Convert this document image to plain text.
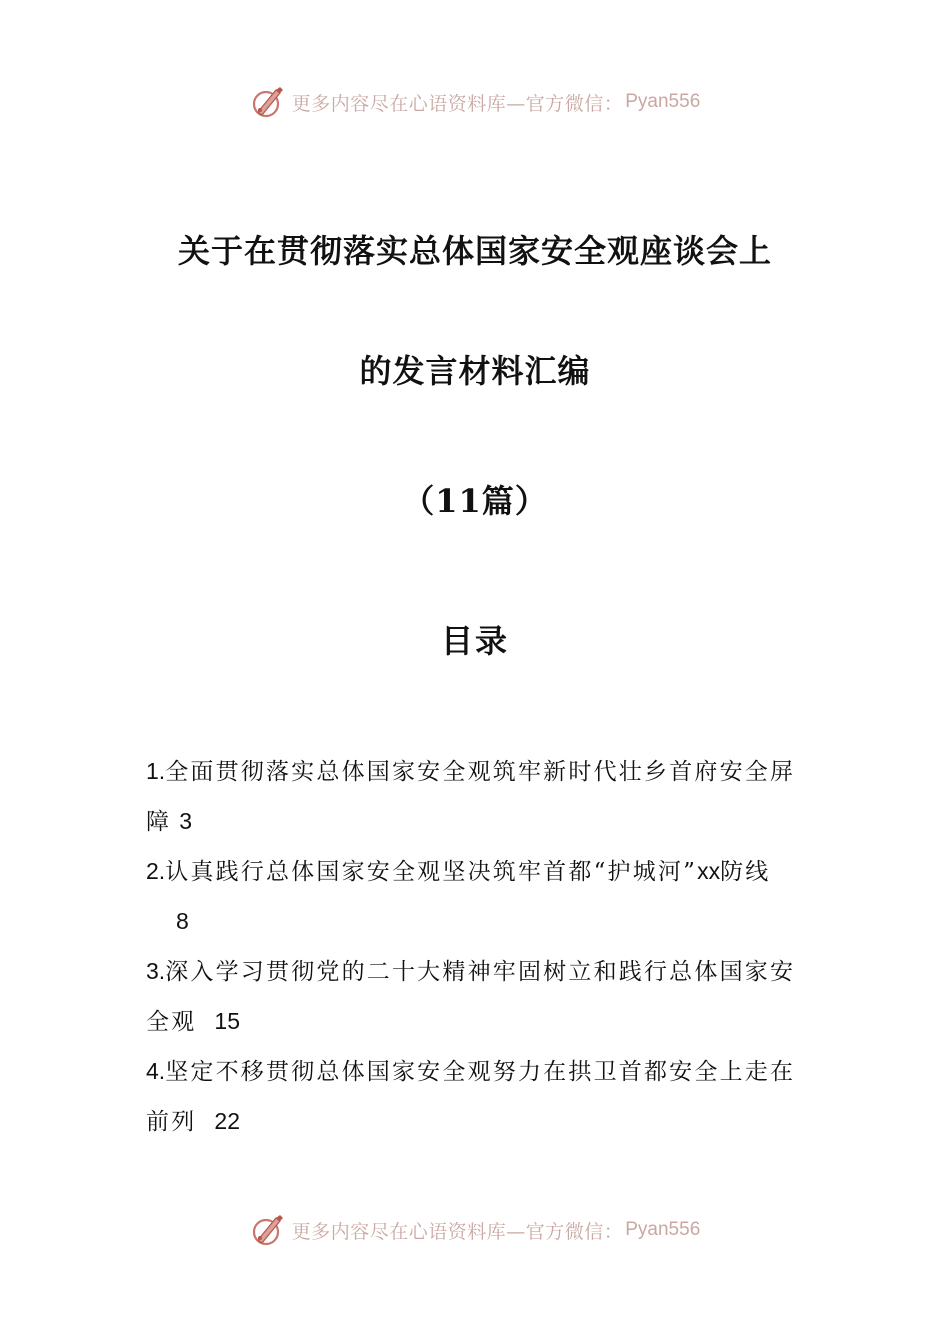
更多内容尽在心语资料库—官方微信： Pyan556
关于在贯彻落实总体国家安全观座谈会上
的发言材料汇编
（11篇）
目录
1.全面贯彻落实总体国家安全观筑牢新时代壮乡首府安全屏
障 3
2.认真践行总体国家安全观坚决筑牢首都“护城河”xx防线
8
3.深入学习贯彻党的二十大精神牢固树立和践行总体国家安
全观 15
4.坚定不移贯彻总体国家安全观努力在拱卫首都安全上走在
前列 22
更多内容尽在心语资料库—官方微信： Pyan556
